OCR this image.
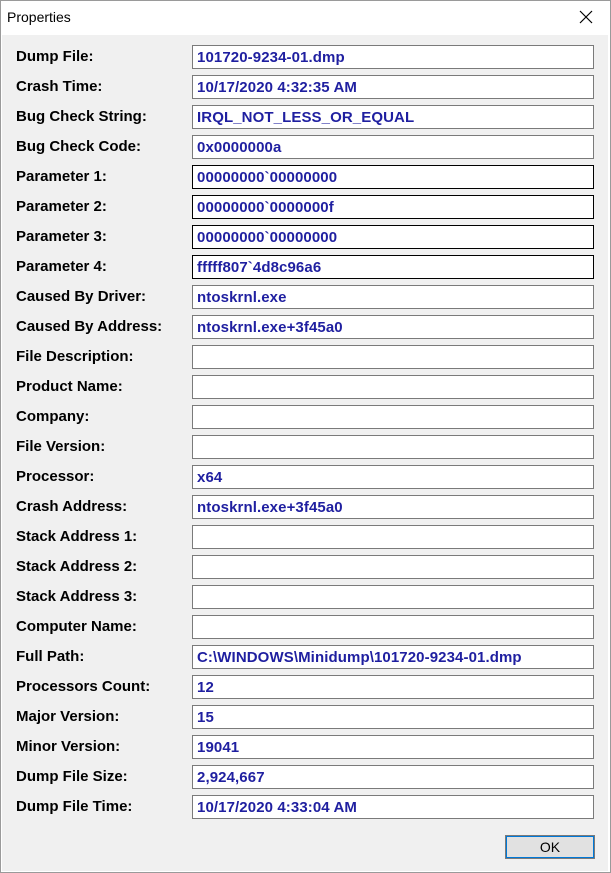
Properties
Dump File:	101720-9234-01.dmp
Crash Time:	10/17/2020 4:32:35 AM
Bug Check String:	IRQL_NOT_LESS_OR_EQUAL
Bug Check Code:	0x0000000a
Parameter 1:	00000000`00000000
Parameter 2:	00000000`0000000f
Parameter 3:	00000000`00000000
Parameter 4:	fffff807`4d8c96a6
Caused By Driver:	ntoskrnl.exe
Caused By Address: ntoskrnl.exe+3f45a0
File Description:
Product Name:
Company:
File Version:
Processor:	x64
Crash Address:	ntoskrnl.exe+3f45a0
Stack Address 1:
Stack Address 2:
Stack Address 3:
Computer Name:
Full Path:	C:\WINDOWS\Minidump\101720-9234-01.dmp
Processors Count:	12
Major Version:	15
Minor Version:	19041
Dump File Size:	2,924,667
Dump File Time:	10/17/2020 4:33:04 AM
OK
